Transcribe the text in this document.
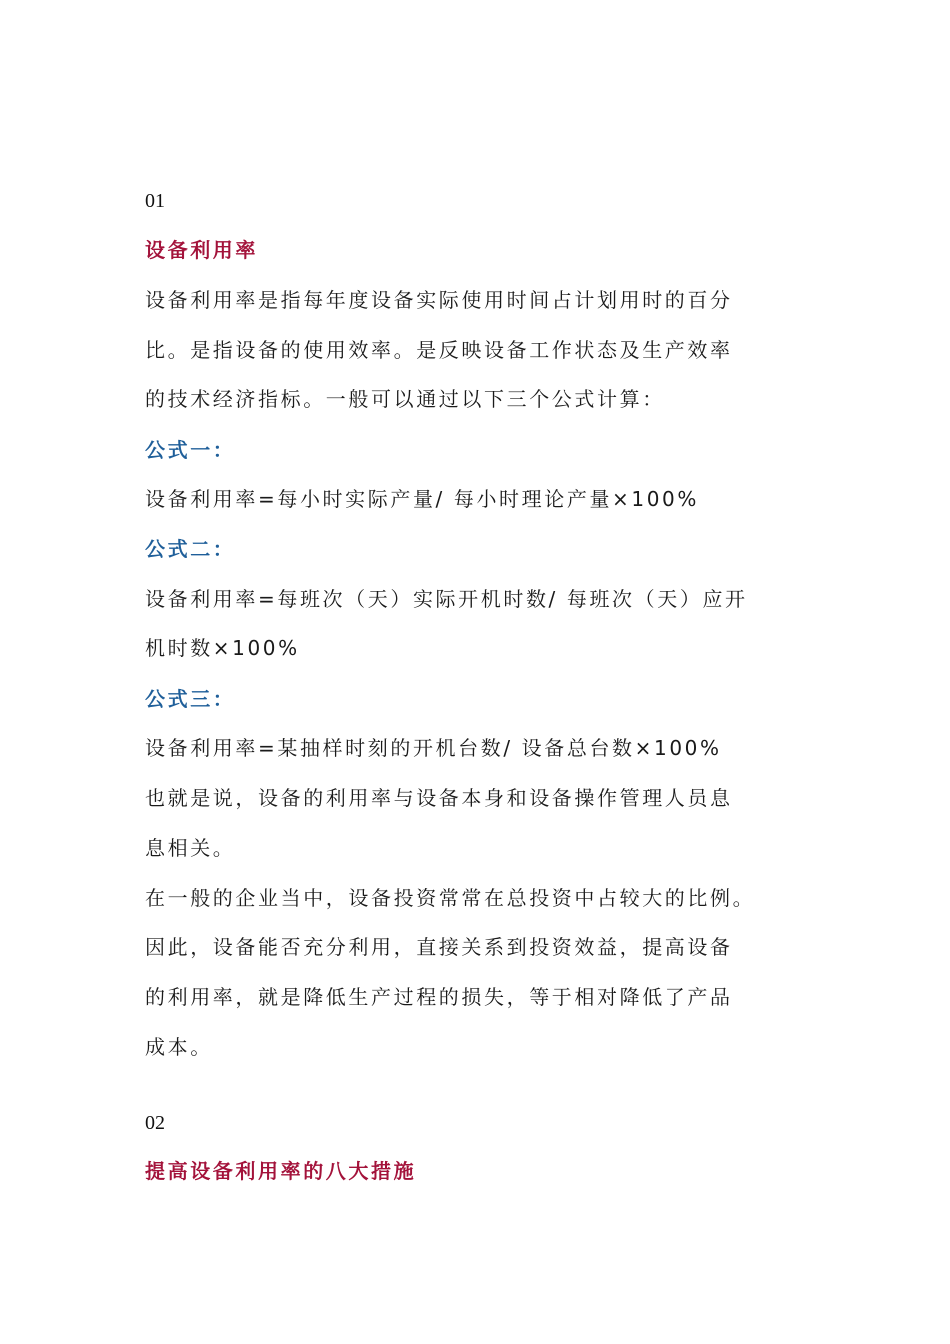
01
设备利用率
设备利用率是指每年度设备实际使用时间占计划用时的百分
比。是指设备的使用效率。是反映设备工作状态及生产效率
的技术经济指标。一般可以通过以下三个公式计算：
公式一：
设备利用率=每小时实际产量/ 每小时理论产量×100%
公式二：
设备利用率=每班次（天）实际开机时数/ 每班次（天）应开
机时数×100%
公式三：
设备利用率=某抽样时刻的开机台数/ 设备总台数×100%
也就是说，设备的利用率与设备本身和设备操作管理人员息
息相关。
在一般的企业当中，设备投资常常在总投资中占较大的比例。
因此，设备能否充分利用，直接关系到投资效益，提高设备
的利用率，就是降低生产过程的损失，等于相对降低了产品
成本。
02
提高设备利用率的八大措施
